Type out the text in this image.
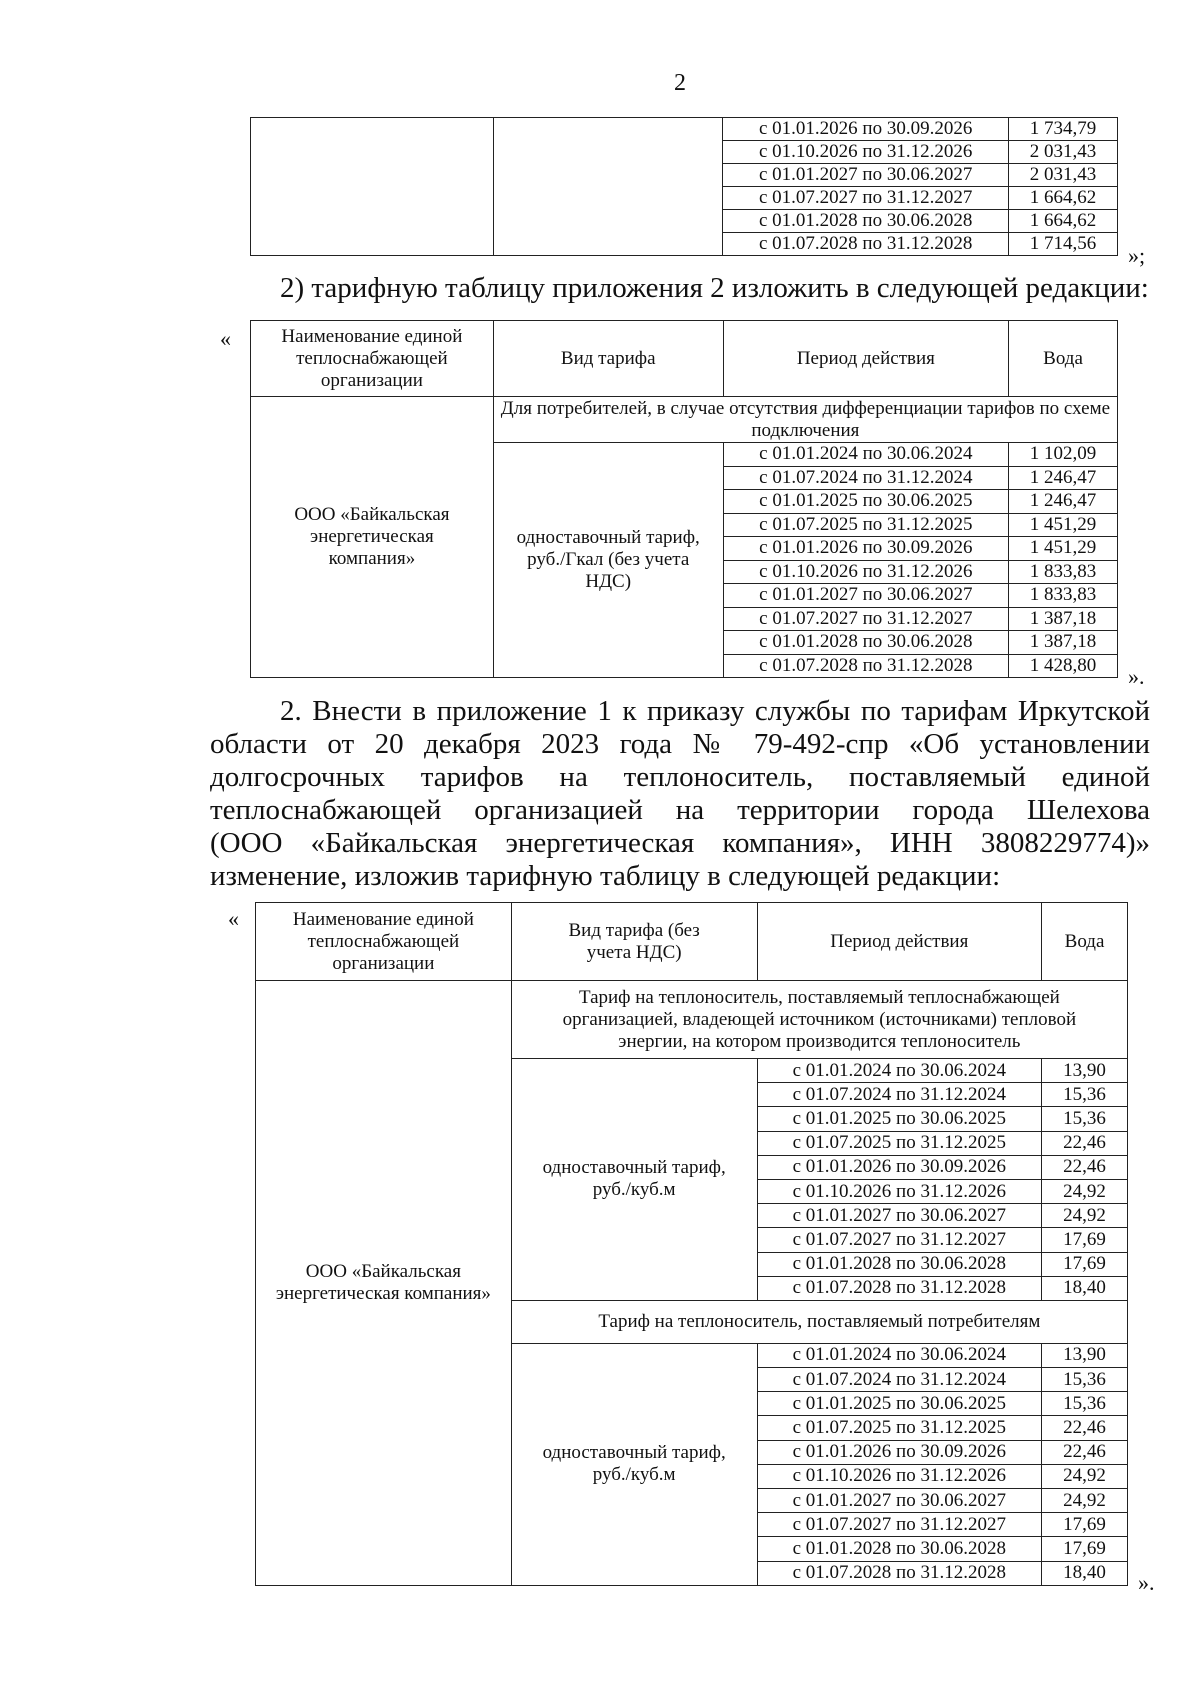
2
		с 01.01.2026 по 30.09.2026	1 734,79
		с 01.10.2026 по 31.12.2026	2 031,43
		с 01.01.2027 по 30.06.2027	2 031,43
		с 01.07.2027 по 31.12.2027	1 664,62
		с 01.01.2028 по 30.06.2028	1 664,62
		с 01.07.2028 по 31.12.2028	1 714,56 »;
2) тарифную таблицу приложения 2 изложить в следующей редакции:
«	Наименование единой теплоснабжающей организации	Вид тарифа	Период действия	Вода
ООО «Байкальская энергетическая компания»	Для потребителей, в случае отсутствия дифференциации тарифов по схеме подключения		
	одноставочный тариф, руб./Гкал (без учета НДС)	с 01.01.2024 по 30.06.2024	1 102,09
		с 01.07.2024 по 31.12.2024	1 246,47
		с 01.01.2025 по 30.06.2025	1 246,47
		с 01.07.2025 по 31.12.2025	1 451,29
		с 01.01.2026 по 30.09.2026	1 451,29
		с 01.10.2026 по 31.12.2026	1 833,83
		с 01.01.2027 по 30.06.2027	1 833,83
		с 01.07.2027 по 31.12.2027	1 387,18
		с 01.01.2028 по 30.06.2028	1 387,18
		с 01.07.2028 по 31.12.2028	1 428,80 ».
2. Внести в приложение 1 к приказу службы по тарифам Иркутской
области от 20 декабря 2023 года № 79-492-спр «Об установлении
долгосрочных тарифов на теплоноситель, поставляемый единой
теплоснабжающей организацией на территории города Шелехова
(ООО «Байкальская энергетическая компания», ИНН 3808229774)»
изменение, изложив тарифную таблицу в следующей редакции:
«	Наименование единой теплоснабжающей организации	Вид тарифа (без учета НДС)	Период действия	Вода
ООО «Байкальская энергетическая компания»	Тариф на теплоноситель, поставляемый теплоснабжающей организацией, владеющей источником (источниками) тепловой энергии, на котором производится теплоноситель		
	одноставочный тариф, руб./куб.м	с 01.01.2024 по 30.06.2024	13,90
		с 01.07.2024 по 31.12.2024	15,36
		с 01.01.2025 по 30.06.2025	15,36
		с 01.07.2025 по 31.12.2025	22,46
		с 01.01.2026 по 30.09.2026	22,46
		с 01.10.2026 по 31.12.2026	24,92
		с 01.01.2027 по 30.06.2027	24,92
		с 01.07.2027 по 31.12.2027	17,69
		с 01.01.2028 по 30.06.2028	17,69
		с 01.07.2028 по 31.12.2028	18,40
	Тариф на теплоноситель, поставляемый потребителям		
	одноставочный тариф, руб./куб.м	с 01.01.2024 по 30.06.2024	13,90
		с 01.07.2024 по 31.12.2024	15,36
		с 01.01.2025 по 30.06.2025	15,36
		с 01.07.2025 по 31.12.2025	22,46
		с 01.01.2026 по 30.09.2026	22,46
		с 01.10.2026 по 31.12.2026	24,92
		с 01.01.2027 по 30.06.2027	24,92
		с 01.07.2027 по 31.12.2027	17,69
		с 01.01.2028 по 30.06.2028	17,69
		с 01.07.2028 по 31.12.2028	18,40 ».
